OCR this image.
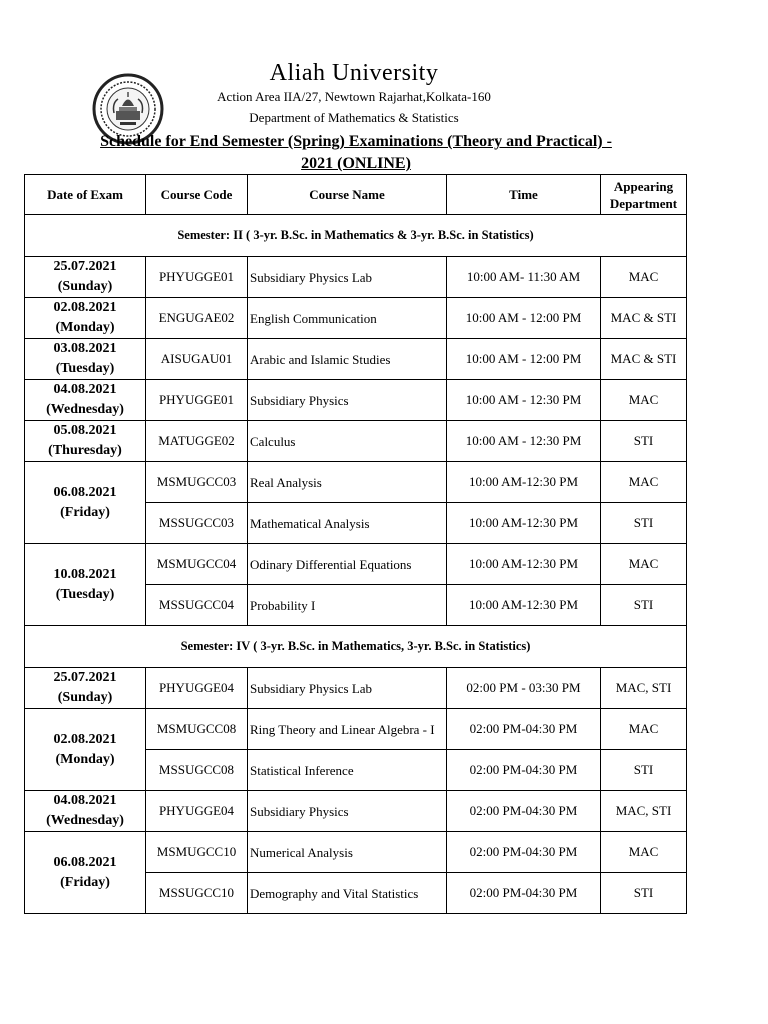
Aliah University
Action Area IIA/27, Newtown Rajarhat,Kolkata-160
Department of Mathematics & Statistics
Schedule for End Semester (Spring) Examinations (Theory and Practical) -
2021 (ONLINE)
Date of Exam	Course Code	Course Name	Time	Appearing
Department

Semester: II ( 3-yr. B.Sc. in Mathematics & 3-yr. B.Sc. in Statistics)				

25.07.2021
(Sunday)	PHYUGGE01	Subsidiary Physics Lab	10:00 AM- 11:30 AM	MAC

02.08.2021
(Monday)	ENGUGAE02	English Communication	10:00 AM - 12:00 PM	MAC & STI

03.08.2021
(Tuesday)	AISUGAU01	Arabic and Islamic Studies	10:00 AM - 12:00 PM	MAC & STI

04.08.2021
(Wednesday)	PHYUGGE01	Subsidiary Physics	10:00 AM - 12:30 PM	MAC

05.08.2021
(Thuresday)	MATUGGE02	Calculus	10:00 AM - 12:30 PM	STI

06.08.2021
(Friday)	MSMUGCC03	Real Analysis	10:00 AM-12:30 PM	MAC
	MSSUGCC03	Mathematical Analysis	10:00 AM-12:30 PM	STI

10.08.2021
(Tuesday)	MSMUGCC04	Odinary Differential Equations	10:00 AM-12:30 PM	MAC
	MSSUGCC04	Probability I	10:00 AM-12:30 PM	STI
Semester: IV ( 3-yr. B.Sc. in Mathematics, 3-yr. B.Sc. in Statistics)				

25.07.2021
(Sunday)	PHYUGGE04	Subsidiary Physics Lab	02:00 PM - 03:30 PM	MAC, STI

02.08.2021
(Monday)	MSMUGCC08	Ring Theory and Linear Algebra - I	02:00 PM-04:30 PM	MAC
	MSSUGCC08	Statistical Inference	02:00 PM-04:30 PM	STI

04.08.2021
(Wednesday)	PHYUGGE04	Subsidiary Physics	02:00 PM-04:30 PM	MAC, STI

06.08.2021
(Friday)	MSMUGCC10	Numerical Analysis	02:00 PM-04:30 PM	MAC
	MSSUGCC10	Demography and Vital Statistics	02:00 PM-04:30 PM	STI
